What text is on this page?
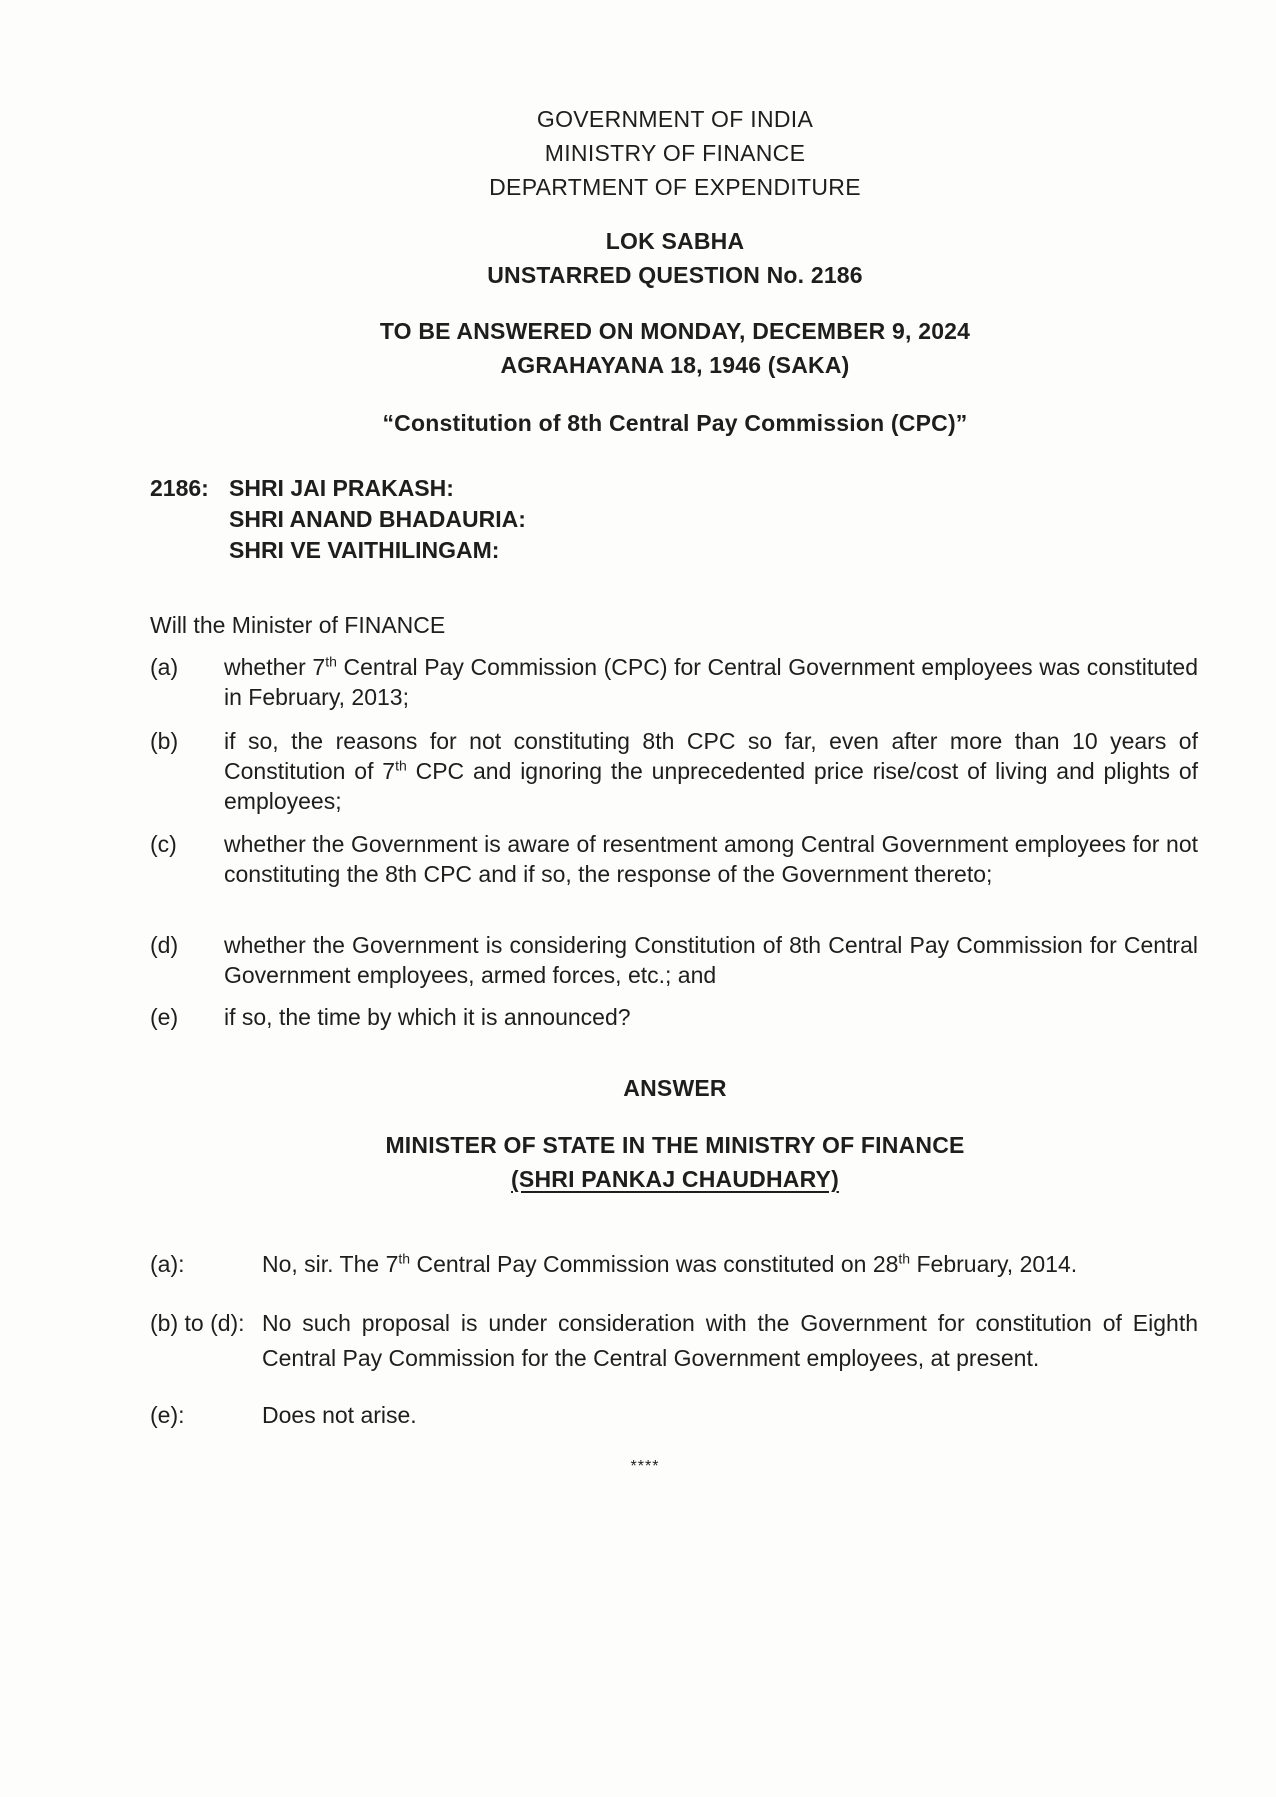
GOVERNMENT OF INDIA
MINISTRY OF FINANCE
DEPARTMENT OF EXPENDITURE
LOK SABHA
UNSTARRED QUESTION No. 2186
TO BE ANSWERED ON MONDAY, DECEMBER 9, 2024
AGRAHAYANA 18, 1946 (SAKA)
“Constitution of 8th Central Pay Commission (CPC)”
2186: SHRI JAI PRAKASH:
SHRI ANAND BHADAURIA:
SHRI VE VAITHILINGAM:
Will the Minister of FINANCE
(a) whether 7th Central Pay Commission (CPC) for Central Government employees was constituted in February, 2013;
(b) if so, the reasons for not constituting 8th CPC so far, even after more than 10 years of Constitution of 7th CPC and ignoring the unprecedented price rise/cost of living and plights of employees;
(c) whether the Government is aware of resentment among Central Government employees for not constituting the 8th CPC and if so, the response of the Government thereto;
(d) whether the Government is considering Constitution of 8th Central Pay Commission for Central Government employees, armed forces, etc.; and
(e) if so, the time by which it is announced?
ANSWER
MINISTER OF STATE IN THE MINISTRY OF FINANCE
(SHRI PANKAJ CHAUDHARY)
(a):	No, sir. The 7th Central Pay Commission was constituted on 28th February, 2014.
(b) to (d): No such proposal is under consideration with the Government for constitution of Eighth Central Pay Commission for the Central Government employees, at present.
(e):	Does not arise.
****
